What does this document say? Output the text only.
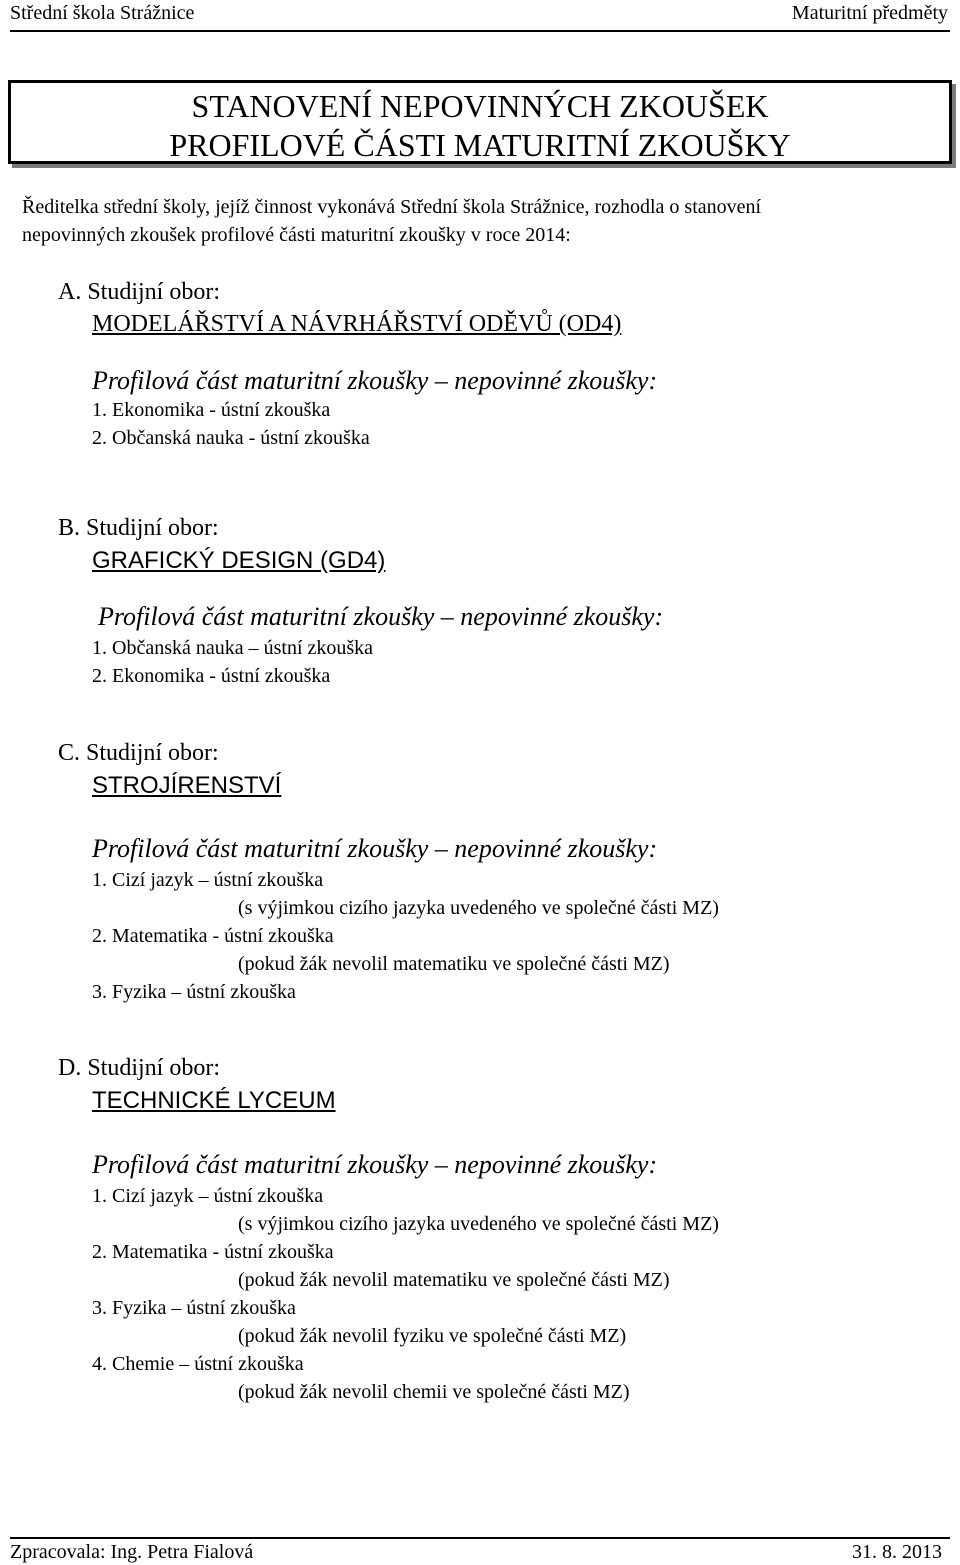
Střední škola Strážnice	Maturitní předměty
STANOVENÍ NEPOVINNÝCH ZKOUŠEK
PROFILOVÉ ČÁSTI MATURITNÍ ZKOUŠKY
Ředitelka střední školy, jejíž činnost vykonává Střední škola Strážnice, rozhodla o stanovení
nepovinných zkoušek profilové části maturitní zkoušky v roce 2014:
A. Studijní obor:
MODELÁŘSTVÍ A NÁVRHÁŘSTVÍ ODĚVŮ (OD4)
Profilová část maturitní zkoušky – nepovinné zkoušky:
1. Ekonomika - ústní zkouška
2. Občanská nauka - ústní zkouška
B. Studijní obor:
GRAFICKÝ DESIGN (GD4)
Profilová část maturitní zkoušky – nepovinné zkoušky:
1. Občanská nauka – ústní zkouška
2. Ekonomika - ústní zkouška
C. Studijní obor:
STROJÍRENSTVÍ
Profilová část maturitní zkoušky – nepovinné zkoušky:
1. Cizí jazyk – ústní zkouška
(s výjimkou cizího jazyka uvedeného ve společné části MZ)
2. Matematika - ústní zkouška
(pokud žák nevolil matematiku ve společné části MZ)
3. Fyzika – ústní zkouška
D. Studijní obor:
TECHNICKÉ LYCEUM
Profilová část maturitní zkoušky – nepovinné zkoušky:
1. Cizí jazyk – ústní zkouška
(s výjimkou cizího jazyka uvedeného ve společné části MZ)
2. Matematika - ústní zkouška
(pokud žák nevolil matematiku ve společné části MZ)
3. Fyzika – ústní zkouška
(pokud žák nevolil fyziku ve společné části MZ)
4. Chemie – ústní zkouška
(pokud žák nevolil chemii ve společné části MZ)
Zpracovala: Ing. Petra Fialová	31. 8. 2013
